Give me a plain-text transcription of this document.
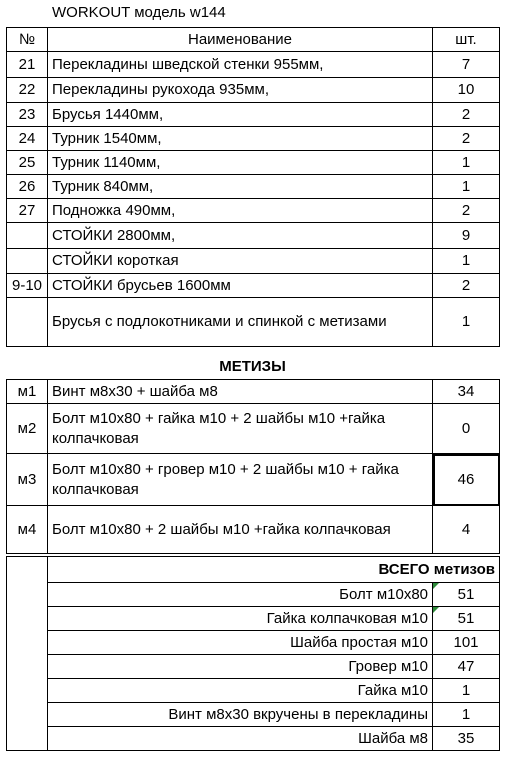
WORKOUT модель w144
№	Наименование	шт.
21	Перекладины шведской стенки 955мм,	7
22	Перекладины рукохода 935мм,	10
23	Брусья 1440мм,	2
24	Турник 1540мм,	2
25	Турник 1140мм,	1
26	Турник 840мм,	1
27	Подножка 490мм,	2
	СТОЙКИ 2800мм,	9
	СТОЙКИ короткая	1
9-10	СТОЙКИ брусьев 1600мм	2
	Брусья с подлокотниками и спинкой с метизами	1
МЕТИЗЫ
м1	Винт м8х30 + шайба м8	34
м2	Болт м10х80 + гайка м10 + 2 шайбы м10 +гайка колпачковая	0
м3	Болт м10х80 + гровер м10 + 2 шайбы м10 + гайка колпачковая	46
м4	Болт м10х80 + 2 шайбы м10 +гайка колпачковая	4
	ВСЕГО метизов	
	Болт м10х80	51
	Гайка колпачковая м10	51
	Шайба простая м10	101
	Гровер м10	47
	Гайка м10	1
	Винт м8х30 вкручены в перекладины	1
	Шайба м8	35
